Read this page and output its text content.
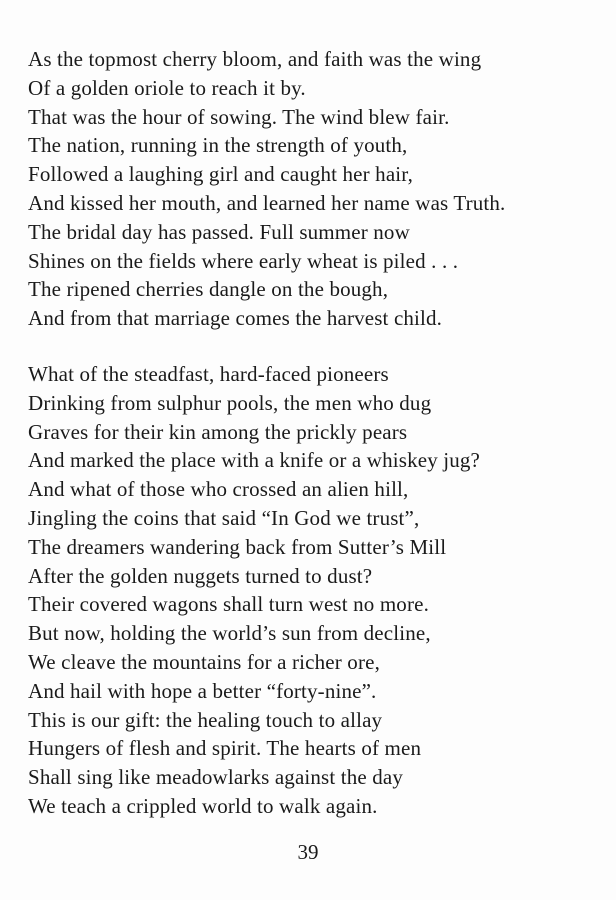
As the topmost cherry bloom, and faith was the wing
Of a golden oriole to reach it by.
That was the hour of sowing. The wind blew fair.
The nation, running in the strength of youth,
Followed a laughing girl and caught her hair,
And kissed her mouth, and learned her name was Truth.
The bridal day has passed. Full summer now
Shines on the fields where early wheat is piled . . .
The ripened cherries dangle on the bough,
And from that marriage comes the harvest child.
What of the steadfast, hard-faced pioneers
Drinking from sulphur pools, the men who dug
Graves for their kin among the prickly pears
And marked the place with a knife or a whiskey jug?
And what of those who crossed an alien hill,
Jingling the coins that said “In God we trust”,
The dreamers wandering back from Sutter’s Mill
After the golden nuggets turned to dust?
Their covered wagons shall turn west no more.
But now, holding the world’s sun from decline,
We cleave the mountains for a richer ore,
And hail with hope a better “forty-nine”.
This is our gift: the healing touch to allay
Hungers of flesh and spirit. The hearts of men
Shall sing like meadowlarks against the day
We teach a crippled world to walk again.
39
